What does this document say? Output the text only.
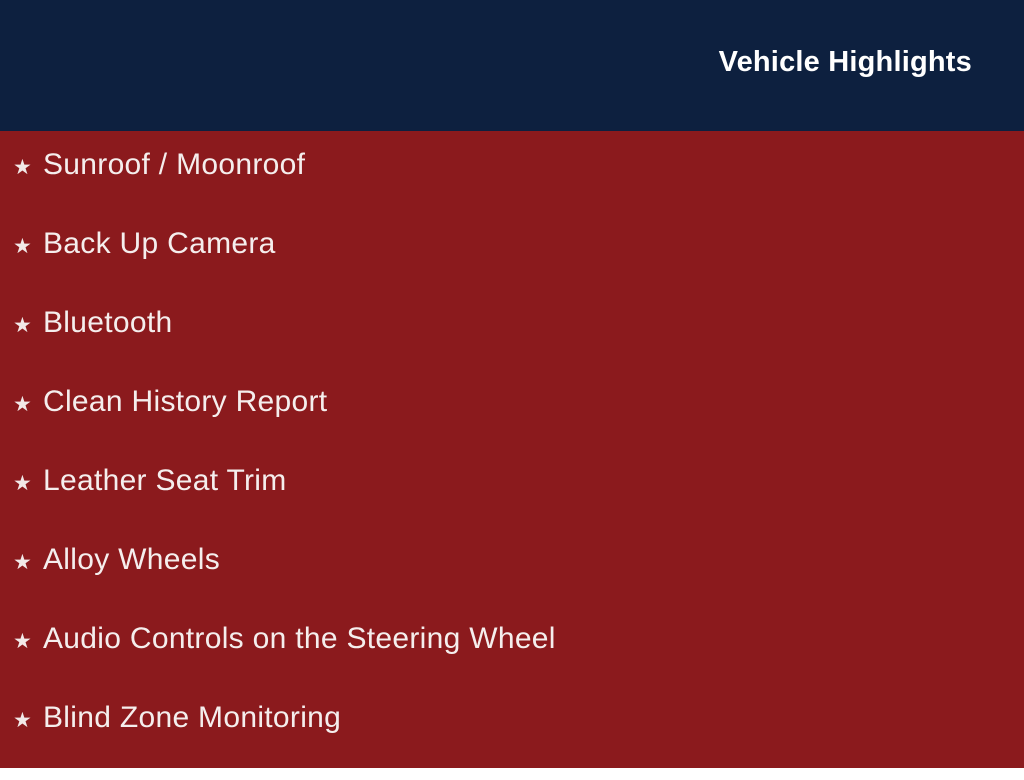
Vehicle Highlights
★ Sunroof / Moonroof
★ Back Up Camera
★ Bluetooth
★ Clean History Report
★ Leather Seat Trim
★ Alloy Wheels
★ Audio Controls on the Steering Wheel
★ Blind Zone Monitoring
